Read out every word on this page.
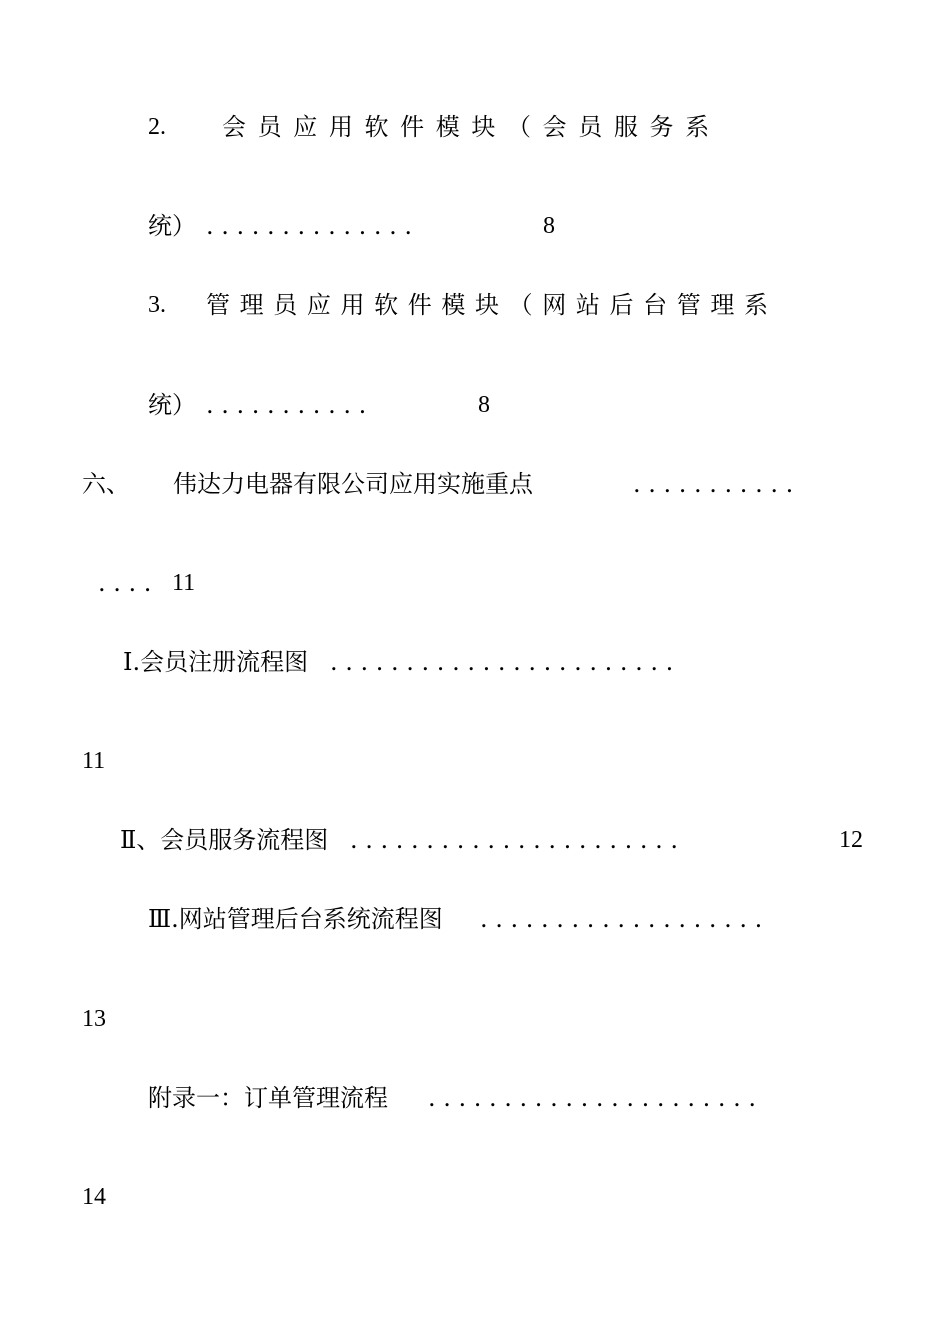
2. 会 员 应 用 软 件 模 块 （ 会 员 服 务 系
统） . . . . . . . . . . . . . .	8
3. 管 理 员 应 用 软 件 模 块 （ 网 站 后 台 管 理 系
统） . . . . . . . . . . .	8
六、 伟达力电器有限公司应用实施重点	. . . . . . . . . . .
. . . . 11
Ⅰ.会员注册流程图 . . . . . . . . . . . . . . . . . . . . . . .
11
Ⅱ、会员服务流程图 . . . . . . . . . . . . . . . . . . . . . .	12
Ⅲ.网站管理后台系统流程图 . . . . . . . . . . . . . . . . . . .
13
附录一：订单管理流程 . . . . . . . . . . . . . . . . . . . . . .
14
